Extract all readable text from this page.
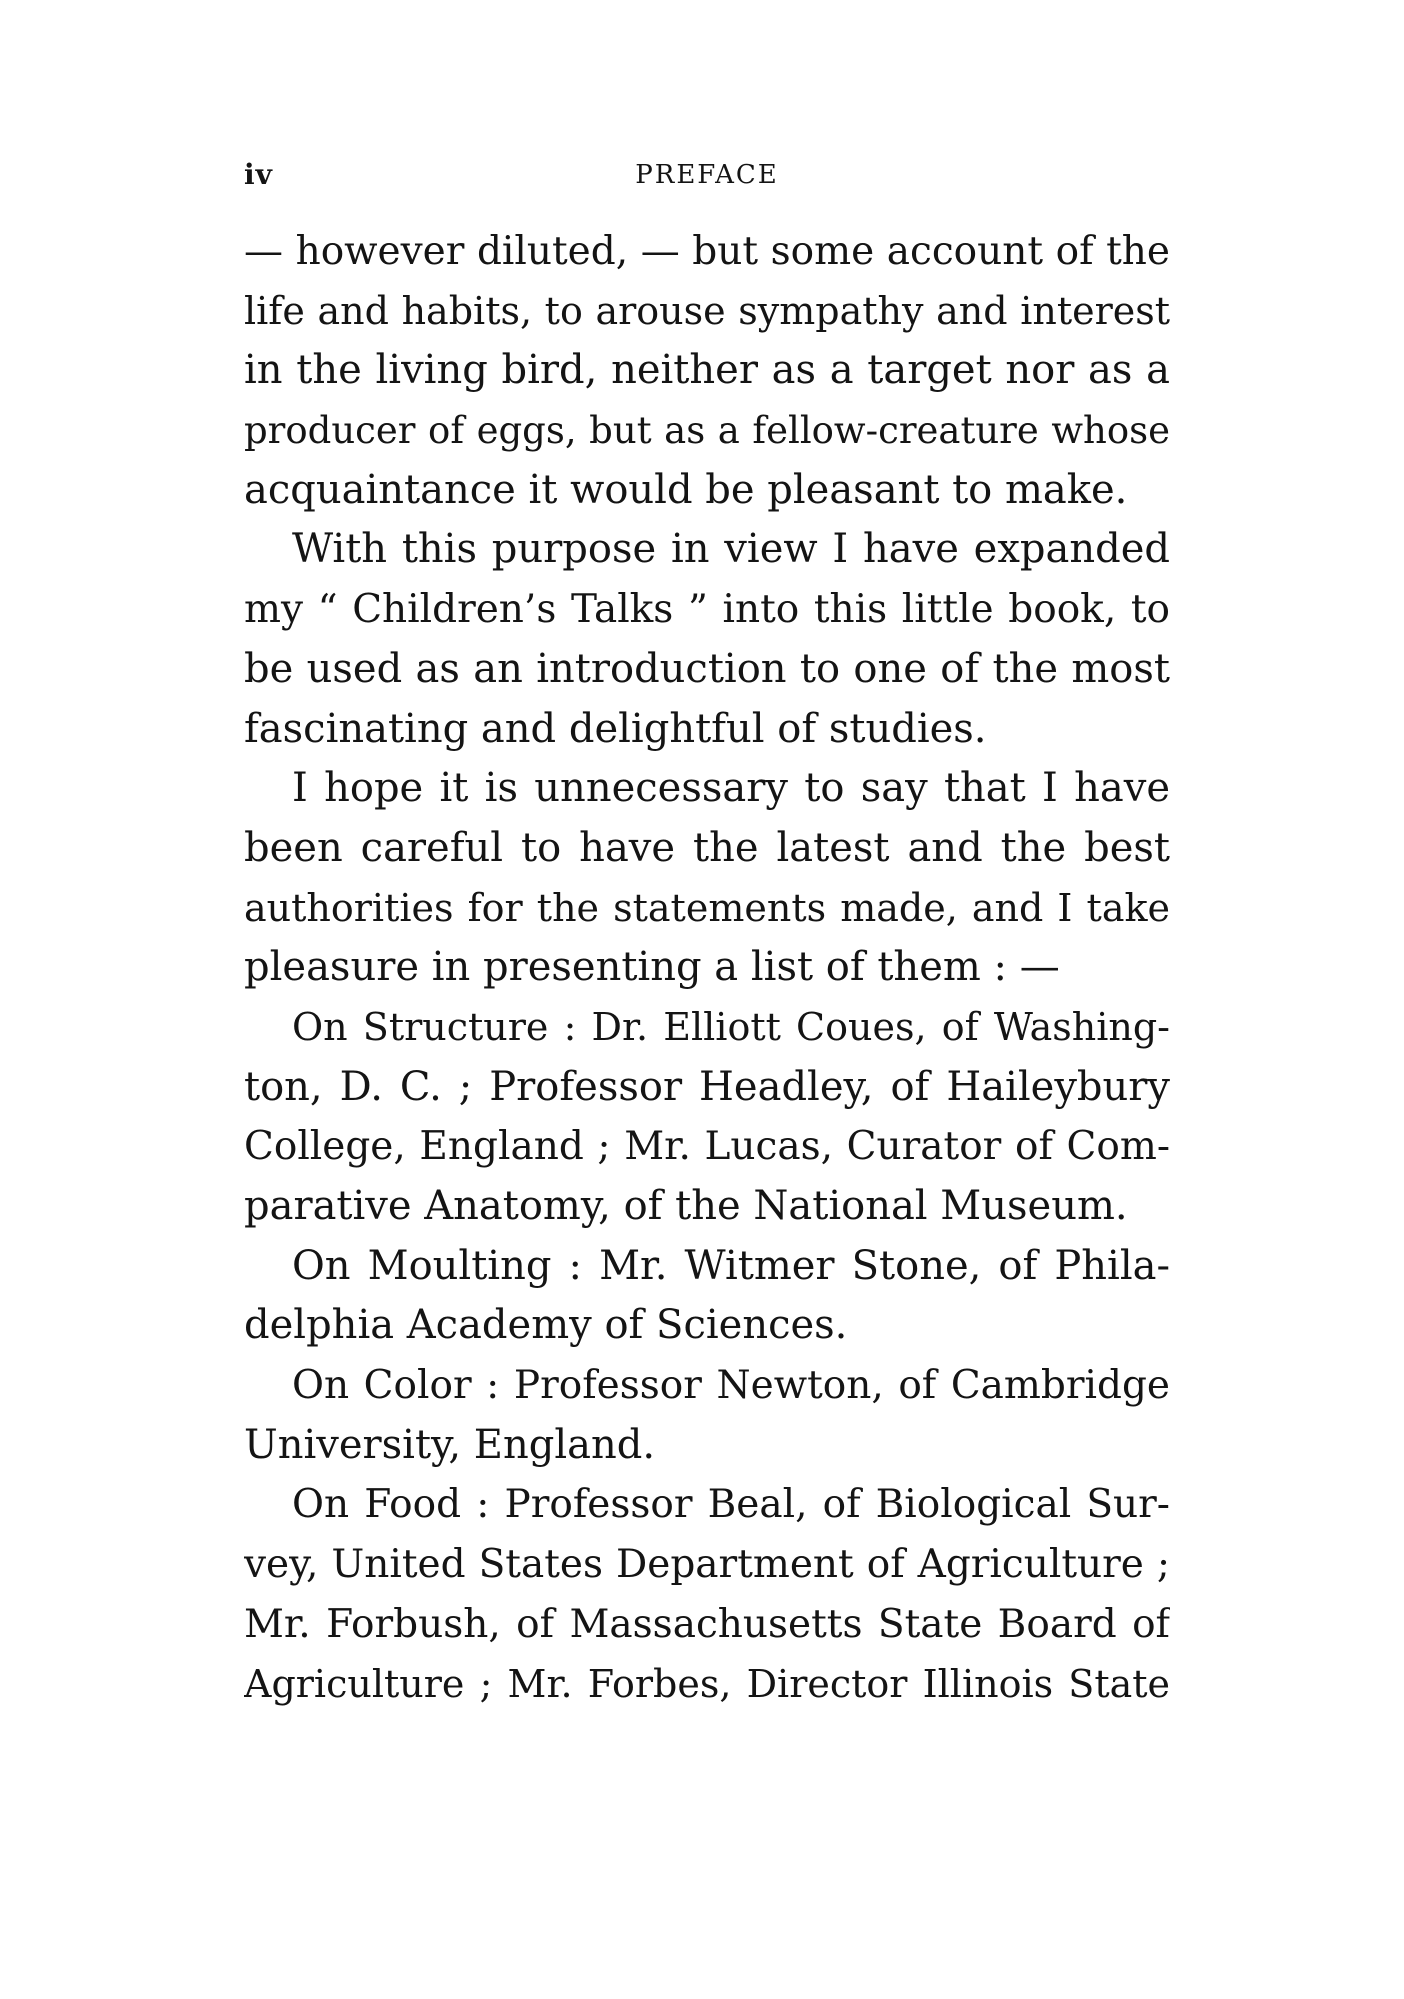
iv	PREFACE
— however diluted, — but some account of the
life and habits, to arouse sympathy and interest
in the living bird, neither as a target nor as a
producer of eggs, but as a fellow-creature whose
acquaintance it would be pleasant to make.
With this purpose in view I have expanded
my “ Children’s Talks ” into this little book, to
be used as an introduction to one of the most
fascinating and delightful of studies.
I hope it is unnecessary to say that I have
been careful to have the latest and the best
authorities for the statements made, and I take
pleasure in presenting a list of them : —
On Structure : Dr. Elliott Coues, of Washing-
ton, D. C. ; Professor Headley, of Haileybury
College, England ; Mr. Lucas, Curator of Com-
parative Anatomy, of the National Museum.
On Moulting : Mr. Witmer Stone, of Phila-
delphia Academy of Sciences.
On Color : Professor Newton, of Cambridge
University, England.
On Food : Professor Beal, of Biological Sur-
vey, United States Department of Agriculture ;
Mr. Forbush, of Massachusetts State Board of
Agriculture ; Mr. Forbes, Director Illinois State
